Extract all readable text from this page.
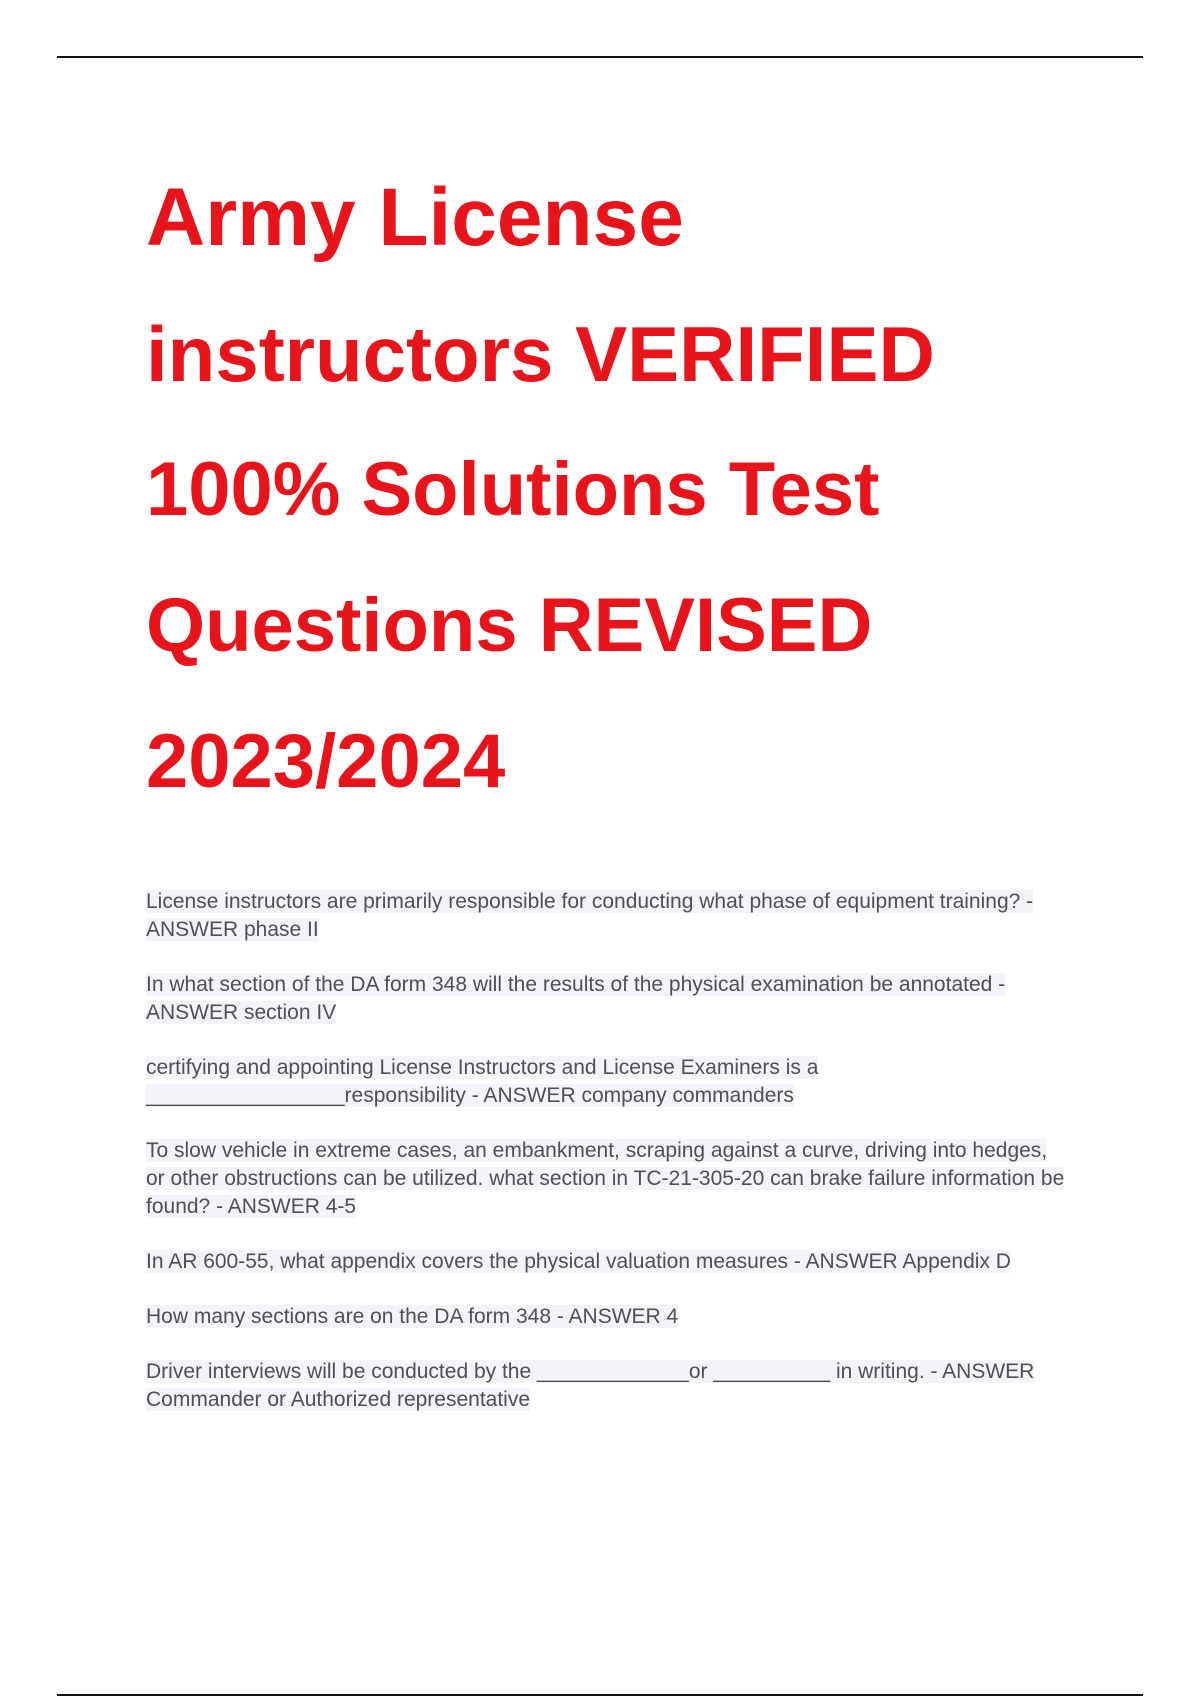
Army License
instructors VERIFIED
100% Solutions Test
Questions REVISED
2023/2024
License instructors are primarily responsible for conducting what phase of equipment training? - ANSWER phase II
In what section of the DA form 348 will the results of the physical examination be annotated - ANSWER section IV
certifying and appointing License Instructors and License Examiners is a _________________responsibility - ANSWER company commanders
To slow vehicle in extreme cases, an embankment, scraping against a curve, driving into hedges, or other obstructions can be utilized. what section in TC-21-305-20 can brake failure information be found? - ANSWER 4-5
In AR 600-55, what appendix covers the physical valuation measures - ANSWER Appendix D
How many sections are on the DA form 348 - ANSWER 4
Driver interviews will be conducted by the _____________or __________ in writing. - ANSWER Commander or Authorized representative
